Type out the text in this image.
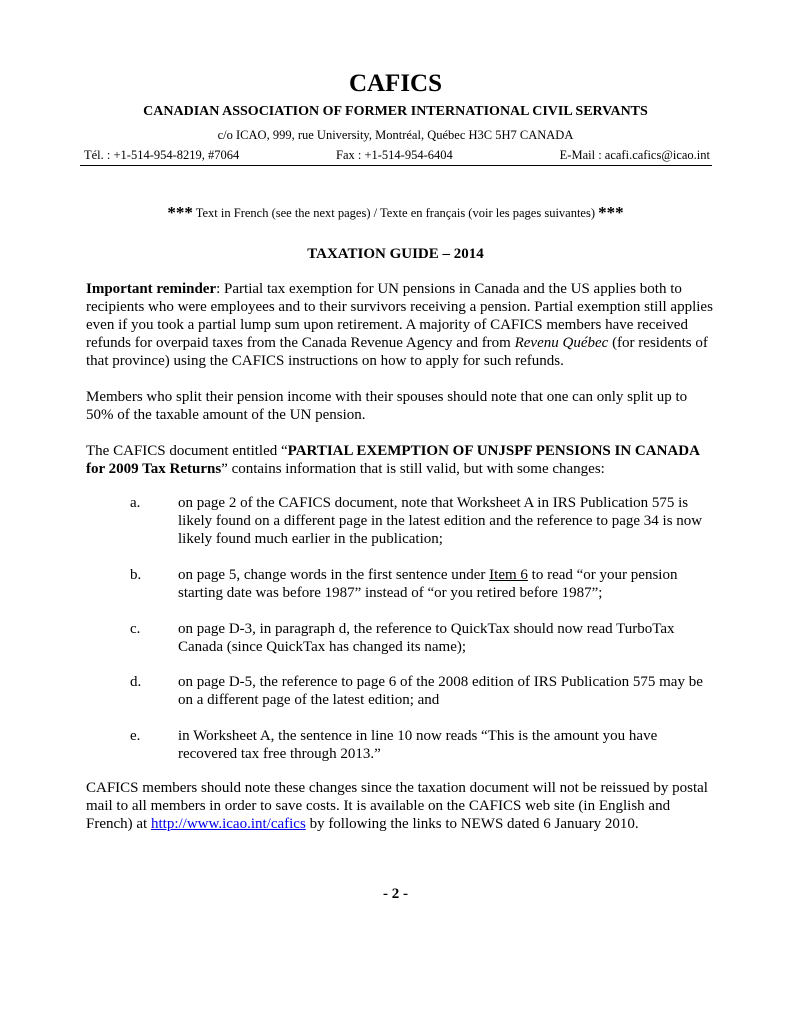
CAFICS

CANADIAN ASSOCIATION OF FORMER INTERNATIONAL CIVIL SERVANTS

c/o ICAO, 999, rue University, Montréal, Québec H3C 5H7 CANADA

Tél. : +1-514-954-8219, #7064	Fax : +1-514-954-6404	E-Mail : acafi.cafics@icao.int
*** Text in French (see the next pages) / Texte en français (voir les pages suivantes) ***
TAXATION GUIDE – 2014

Important reminder: Partial tax exemption for UN pensions in Canada and the US applies both to recipients who were employees and to their survivors receiving a pension. Partial exemption still applies even if you took a partial lump sum upon retirement. A majority of CAFICS members have received refunds for overpaid taxes from the Canada Revenue Agency and from Revenu Québec (for residents of that province) using the CAFICS instructions on how to apply for such refunds.

Members who split their pension income with their spouses should note that one can only split up to 50% of the taxable amount of the UN pension.

The CAFICS document entitled “PARTIAL EXEMPTION OF UNJSPF PENSIONS IN CANADA for 2009 Tax Returns” contains information that is still valid, but with some changes:

a.	on page 2 of the CAFICS document, note that Worksheet A in IRS Publication 575 is likely found on a different page in the latest edition and the reference to page 34 is now likely found much earlier in the publication;
b. on page 5, change words in the first sentence under Item 6 to read “or your pension starting date was before 1987” instead of “or you retired before 1987”;
c.	on page D-3, in paragraph d, the reference to QuickTax should now read TurboTax Canada (since QuickTax has changed its name);
d. on page D-5, the reference to page 6 of the 2008 edition of IRS Publication 575 may be on a different page of the latest edition; and
e.	in Worksheet A, the sentence in line 10 now reads “This is the amount you have recovered tax free through 2013.”

CAFICS members should note these changes since the taxation document will not be reissued by postal mail to all members in order to save costs. It is available on the CAFICS web site (in English and French) at http://www.icao.int/cafics by following the links to NEWS dated 6 January 2010.

- 2 -
